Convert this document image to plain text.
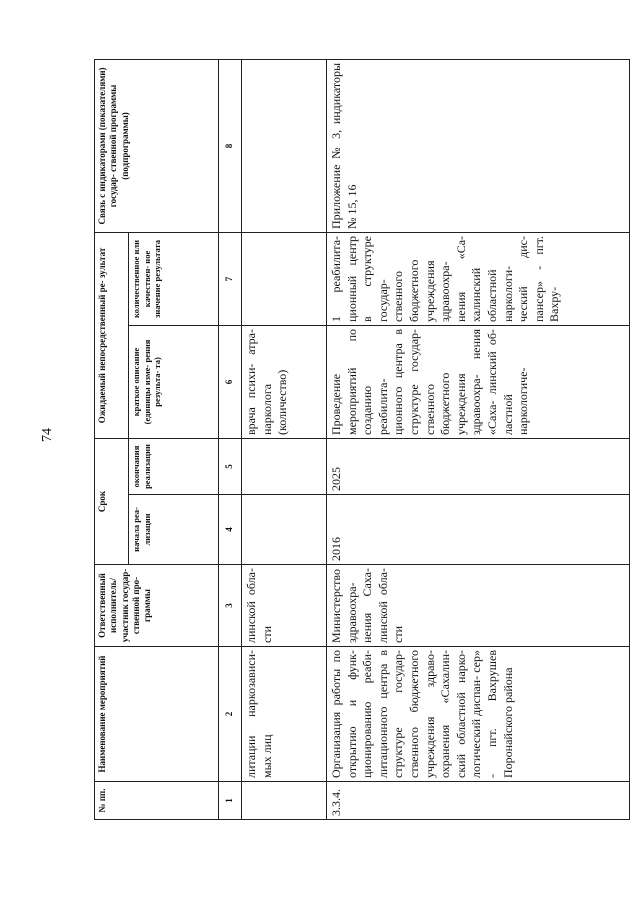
74
№ пп.	Наименование мероприятий	Ответственный исполнитель/ участник государ- ственной про- граммы	Срок		Ожидаемый непосредственный ре- зультат		Связь с индикаторами (показателями) государ- ственной программы (подпрограммы)
			начала реа- лизации	окончания реализации	краткое описание (единицы изме- рения результа- та)	количественное или качествен- ное значение результата	
1	2	3	4	5	6	7	8
	литации наркозависи- мых лиц	линской обла- сти			врача психи- атра- нарколога (количество)		
3.3.4.	Организация работы по открытию и функ- ционированию реаби- литационного центра в структуре государ- ственного бюджетного учреждения здраво- охранения «Сахалин- ский областной нарко- логический диспан- сер» - пгт. Вахрушев Поронайского района	Министерство здравоохра- нения Саха- линской обла- сти	2016	2025	Проведение мероприятий по созданию реабилита- ционного центра в структуре государ- ственного бюджетного учреждения здравоохра- нения «Саха- линский об- ластной наркологиче-	1 реабилита- ционный центр в структуре государ- ственного бюджетного учреждения здравоохра- нения «Са- халинский областной наркологи- ческий дис- пансер» - пгт. Вахру-	Приложение № 3, индикаторы № 15, 16
